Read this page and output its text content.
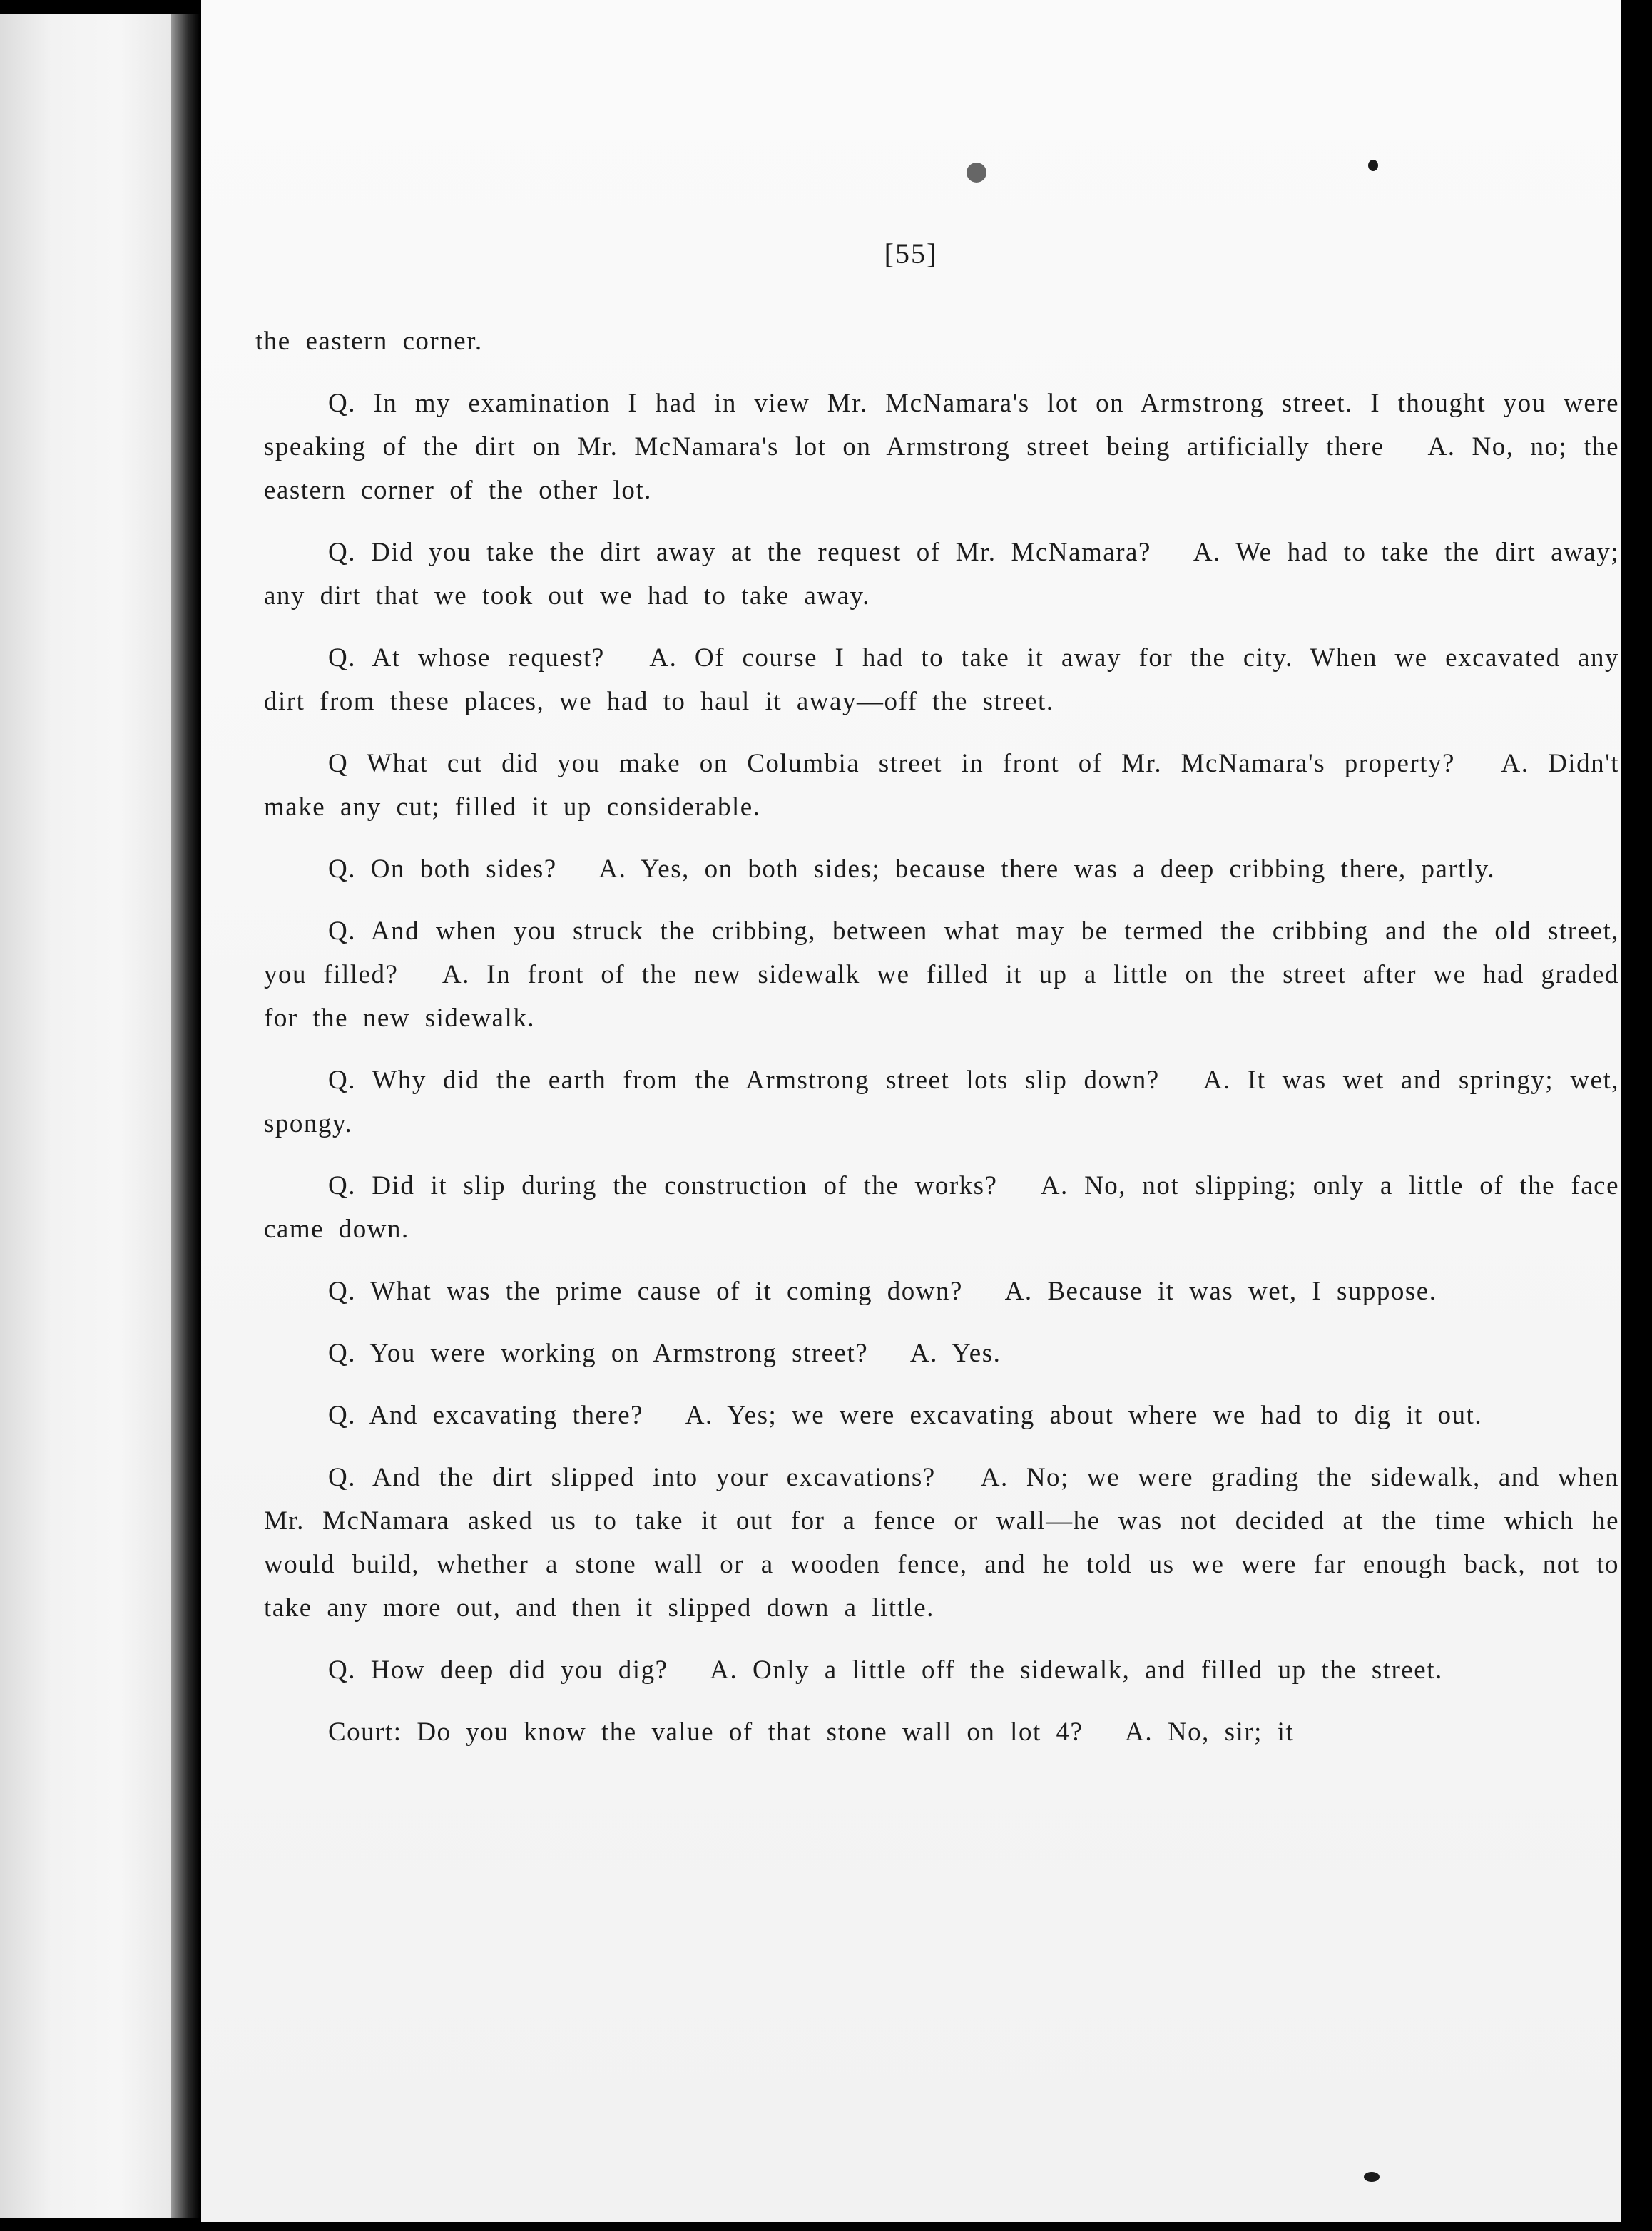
[55]

the eastern corner.

Q. In my examination I had in view Mr. McNamara's lot on Armstrong street. I thought you were speaking of the dirt on Mr. McNamara's lot on Armstrong street being artificially there A. No, no; the eastern corner of the other lot.

Q. Did you take the dirt away at the request of Mr. McNamara? A. We had to take the dirt away; any dirt that we took out we had to take away.

Q. At whose request? A. Of course I had to take it away for the city. When we excavated any dirt from these places, we had to haul it away—off the street.

Q What cut did you make on Columbia street in front of Mr. McNamara's property? A. Didn't make any cut; filled it up considerable.

Q. On both sides? A. Yes, on both sides; because there was a deep cribbing there, partly.

Q. And when you struck the cribbing, between what may be termed the cribbing and the old street, you filled? A. In front of the new sidewalk we filled it up a little on the street after we had graded for the new sidewalk.

Q. Why did the earth from the Armstrong street lots slip down? A. It was wet and springy; wet, spongy.

Q. Did it slip during the construction of the works? A. No, not slipping; only a little of the face came down.

Q. What was the prime cause of it coming down? A. Because it was wet, I suppose.

Q. You were working on Armstrong street? A. Yes.

Q. And excavating there? A. Yes; we were excavating about where we had to dig it out.

Q. And the dirt slipped into your excavations? A. No; we were grading the sidewalk, and when Mr. McNamara asked us to take it out for a fence or wall—he was not decided at the time which he would build, whether a stone wall or a wooden fence, and he told us we were far enough back, not to take any more out, and then it slipped down a little.

Q. How deep did you dig? A. Only a little off the sidewalk, and filled up the street.

Court: Do you know the value of that stone wall on lot 4? A. No, sir; it
